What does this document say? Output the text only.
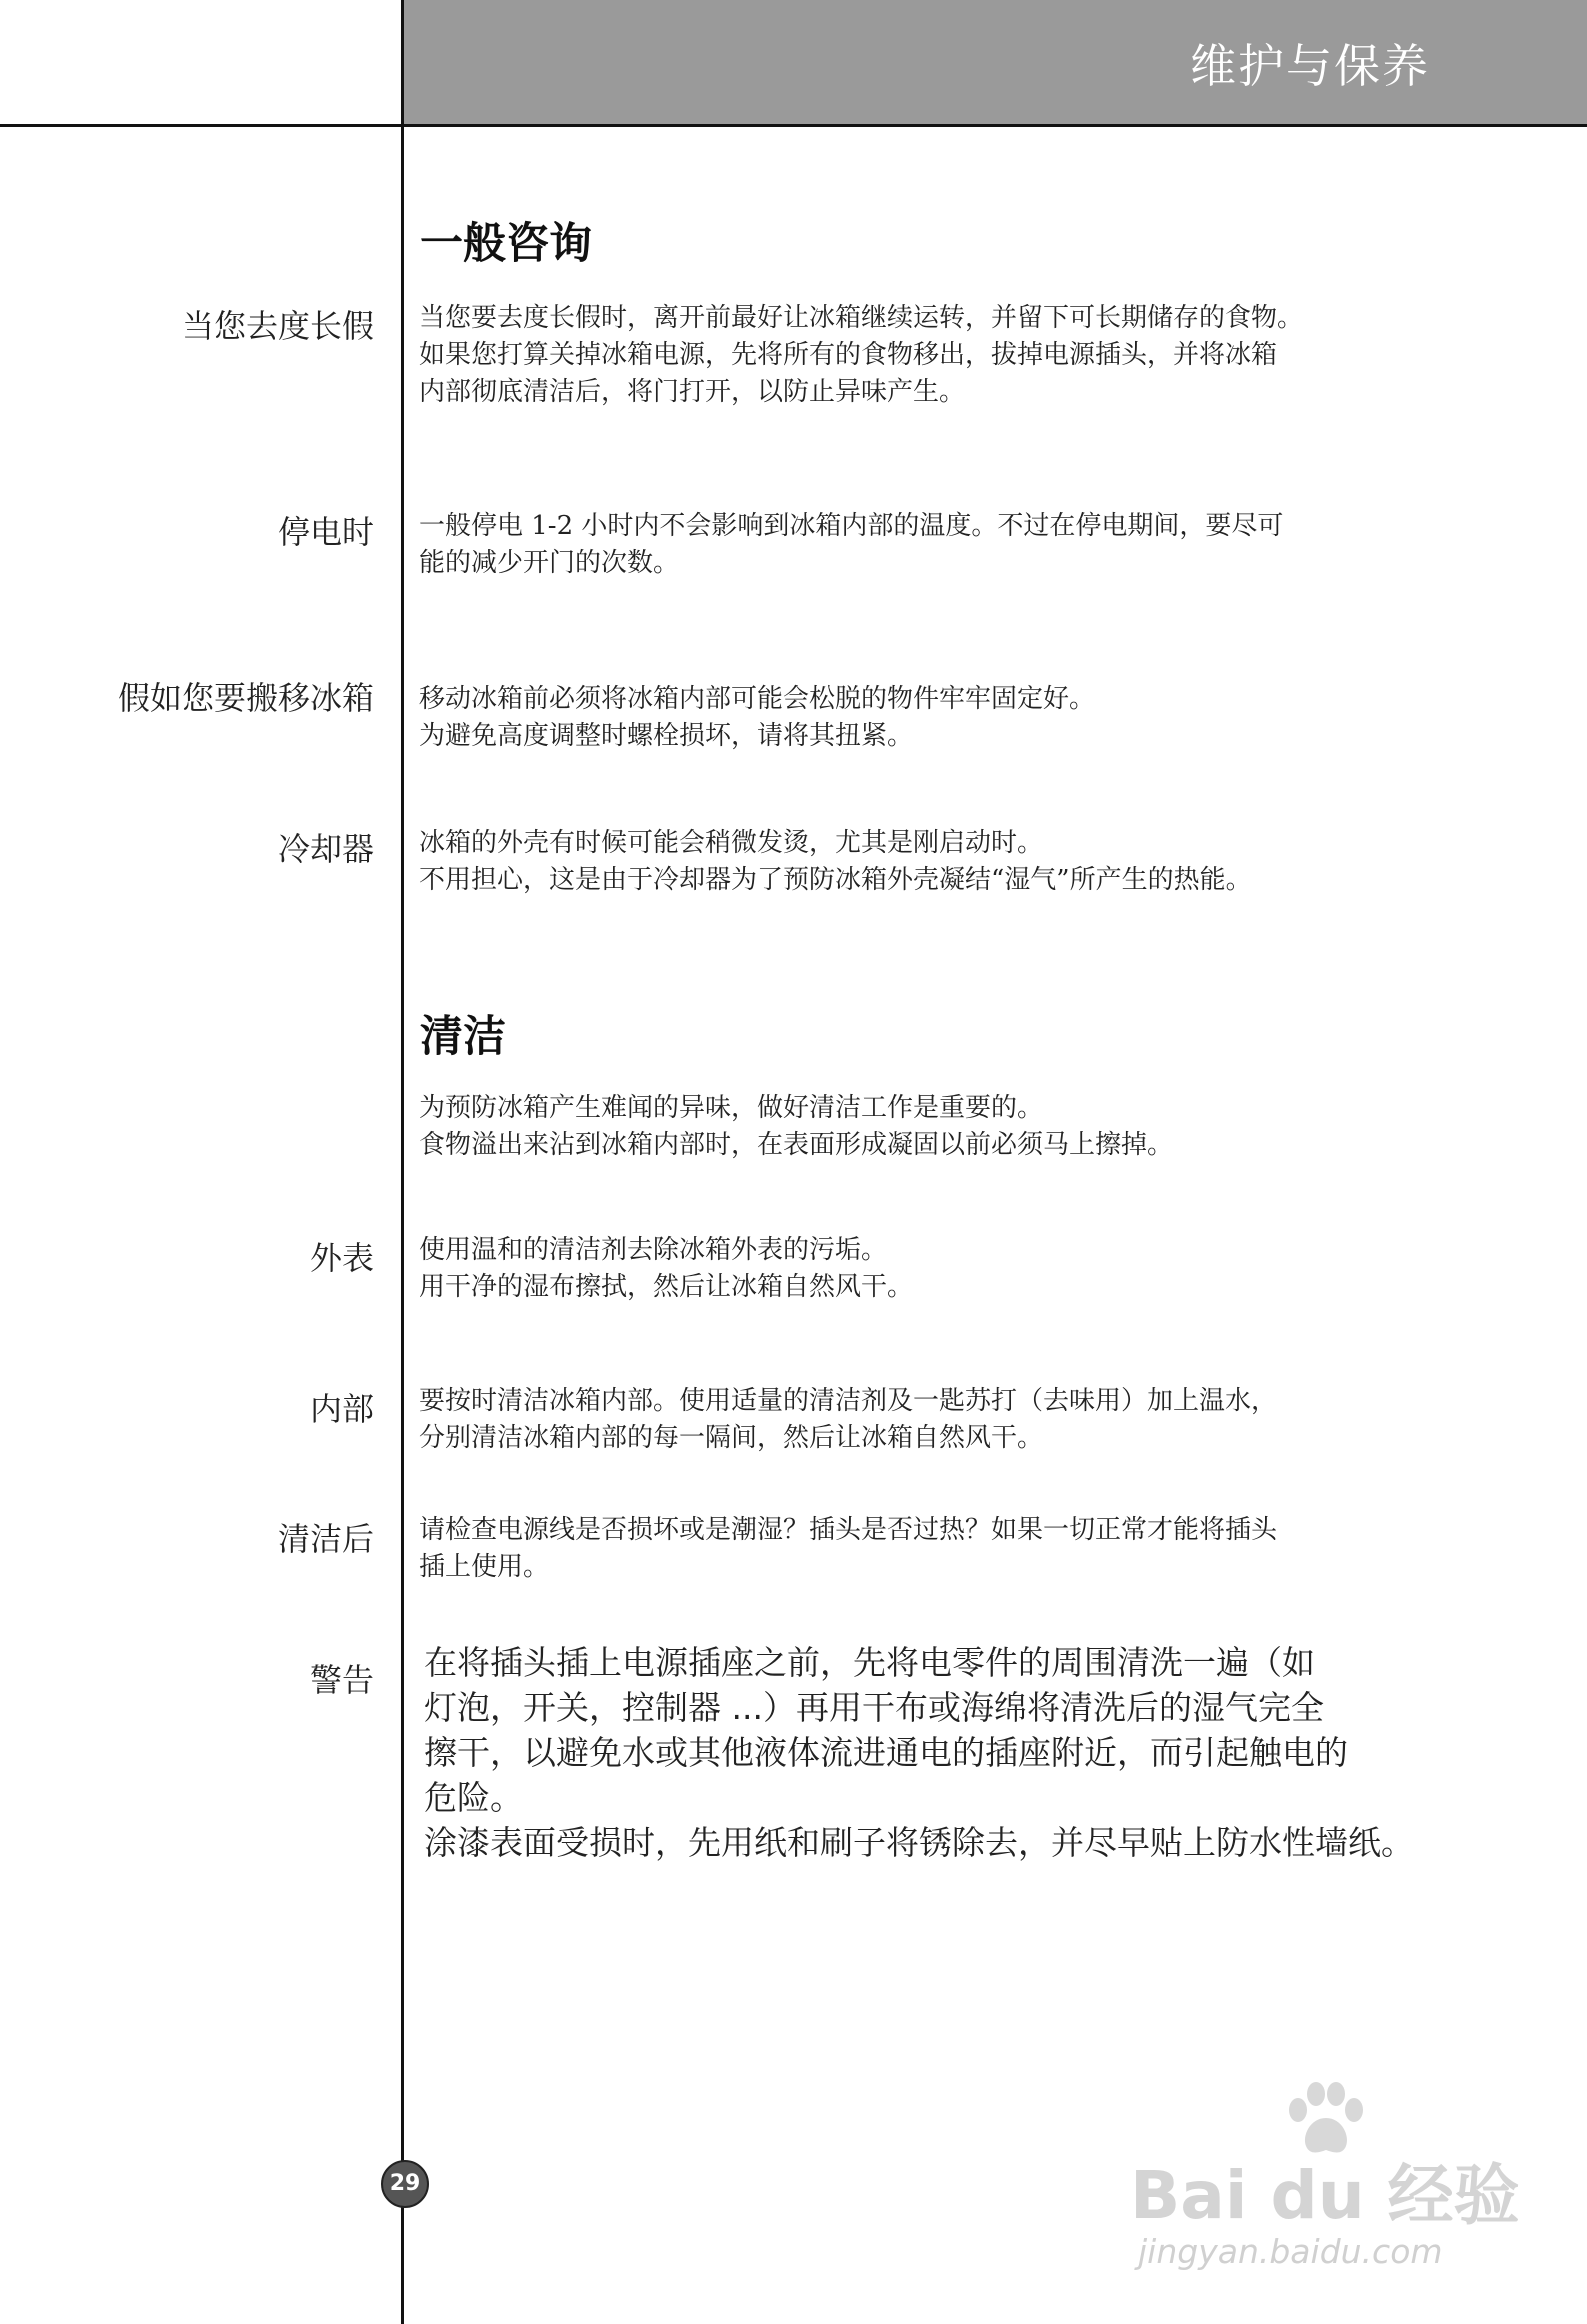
维护与保养
一般咨询
当您去度长假 当您要去度长假时，离开前最好让冰箱继续运转，并留下可长期储存的食物。
如果您打算关掉冰箱电源，先将所有的食物移出，拔掉电源插头，并将冰箱
内部彻底清洁后，将门打开，以防止异味产生。
停电时 一般停电 1-2 小时内不会影响到冰箱内部的温度。不过在停电期间，要尽可
能的减少开门的次数。
假如您要搬移冰箱 移动冰箱前必须将冰箱内部可能会松脱的物件牢牢固定好。
为避免高度调整时螺栓损坏，请将其扭紧。
冷却器 冰箱的外壳有时候可能会稍微发烫，尤其是刚启动时。
不用担心，这是由于冷却器为了预防冰箱外壳凝结“湿气”所产生的热能。
清洁
为预防冰箱产生难闻的异味，做好清洁工作是重要的。
食物溢出来沾到冰箱内部时，在表面形成凝固以前必须马上擦掉。
外表 使用温和的清洁剂去除冰箱外表的污垢。
用干净的湿布擦拭，然后让冰箱自然风干。
内部 要按时清洁冰箱内部。使用适量的清洁剂及一匙苏打（去味用）加上温水，
分别清洁冰箱内部的每一隔间，然后让冰箱自然风干。
清洁后 请检查电源线是否损坏或是潮湿？插头是否过热？如果一切正常才能将插头
插上使用。
警告 在将插头插上电源插座之前，先将电零件的周围清洗一遍（如
灯泡，开关，控制器 ...）再用干布或海绵将清洗后的湿气完全
擦干，以避免水或其他液体流进通电的插座附近，而引起触电的
危险。
涂漆表面受损时，先用纸和刷子将锈除去，并尽早贴上防水性墙纸。
29	Bai du 经验
jingyan.baidu.com
